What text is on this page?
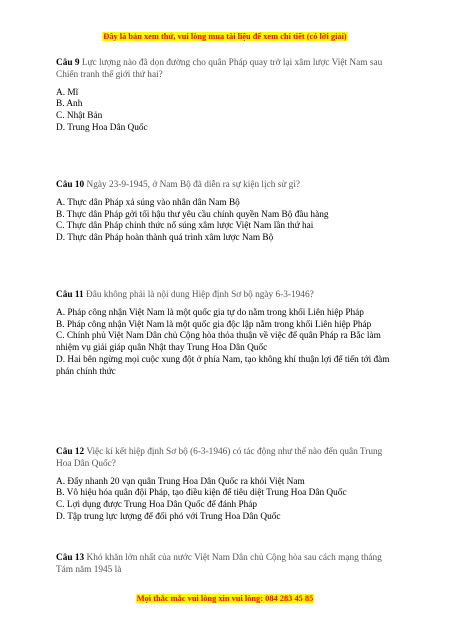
Đây là bản xem thử, vui lòng mua tài liệu để xem chi tiết (có lời giải)
Câu 9 Lực lượng nào đã dọn đường cho quân Pháp quay trở lại xâm lược Việt Nam sau Chiến tranh thế giới thứ hai?
A. Mĩ
B. Anh
C. Nhật Bản
D. Trung Hoa Dân Quốc
Câu 10 Ngày 23-9-1945, ở Nam Bộ đã diễn ra sự kiện lịch sử gì?
A. Thực dân Pháp xả súng vào nhân dân Nam Bộ
B. Thực dân Pháp gởi tối hậu thư yêu cầu chính quyền Nam Bộ đầu hàng
C. Thực dân Pháp chính thức nổ súng xâm lược Việt Nam lần thứ hai
D. Thực dân Pháp hoàn thành quá trình xâm lược Nam Bộ
Câu 11 Đâu không phải là nội dung Hiệp định Sơ bộ ngày 6-3-1946?
A. Pháp công nhận Việt Nam là một quốc gia tự do nằm trong khối Liên hiệp Pháp
B. Pháp công nhận Việt Nam là một quốc gia độc lập nằm trong khối Liên hiệp Pháp
C. Chính phủ Việt Nam Dân chủ Cộng hòa thỏa thuận về việc để quân Pháp ra Bắc làm nhiệm vụ giải giáp quân Nhật thay Trung Hoa Dân Quốc
D. Hai bên ngừng mọi cuộc xung đột ở phía Nam, tạo không khí thuận lợi để tiến tới đàm phán chính thức
Câu 12 Việc kí kết hiệp định Sơ bộ (6-3-1946) có tác động như thế nào đến quân Trung Hoa Dân Quốc?
A. Đẩy nhanh 20 vạn quân Trung Hoa Dân Quốc ra khỏi Việt Nam
B. Vô hiệu hóa quân đội Pháp, tạo điều kiện để tiêu diệt Trung Hoa Dân Quốc
C. Lợi dụng được Trung Hoa Dân Quốc để đánh Pháp
D. Tập trung lực lượng để đối phó với Trung Hoa Dân Quốc
Câu 13 Khó khăn lớn nhất của nước Việt Nam Dân chủ Cộng hòa sau cách mạng tháng Tám năm 1945 là
Mọi thắc mắc vui lòng xin vui lòng: 084 283 45 85
